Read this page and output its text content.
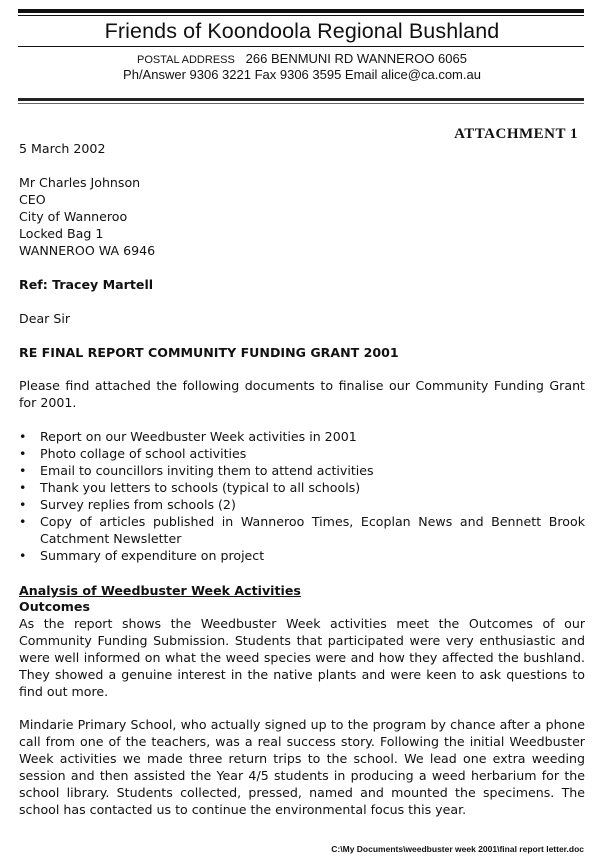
Friends of Koondoola Regional Bushland
POSTAL ADDRESS 266 BENMUNI RD WANNEROO 6065
Ph/Answer 9306 3221 Fax 9306 3595 Email alice@ca.com.au
ATTACHMENT 1
5 March 2002
Mr Charles Johnson
CEO
City of Wanneroo
Locked Bag 1
WANNEROO WA 6946
Ref: Tracey Martell
Dear Sir
RE FINAL REPORT COMMUNITY FUNDING GRANT 2001
Please find attached the following documents to finalise our Community Funding Grant for 2001.
• Report on our Weedbuster Week activities in 2001
• Photo collage of school activities
• Email to councillors inviting them to attend activities
• Thank you letters to schools (typical to all schools)
• Survey replies from schools (2)
• Copy of articles published in Wanneroo Times, Ecoplan News and Bennett Brook Catchment Newsletter
• Summary of expenditure on project
Analysis of Weedbuster Week Activities
Outcomes
As the report shows the Weedbuster Week activities meet the Outcomes of our Community Funding Submission. Students that participated were very enthusiastic and were well informed on what the weed species were and how they affected the bushland. They showed a genuine interest in the native plants and were keen to ask questions to find out more.
Mindarie Primary School, who actually signed up to the program by chance after a phone call from one of the teachers, was a real success story. Following the initial Weedbuster Week activities we made three return trips to the school. We lead one extra weeding session and then assisted the Year 4/5 students in producing a weed herbarium for the school library. Students collected, pressed, named and mounted the specimens. The school has contacted us to continue the environmental focus this year.
C:\My Documents\weedbuster week 2001\final report letter.doc
